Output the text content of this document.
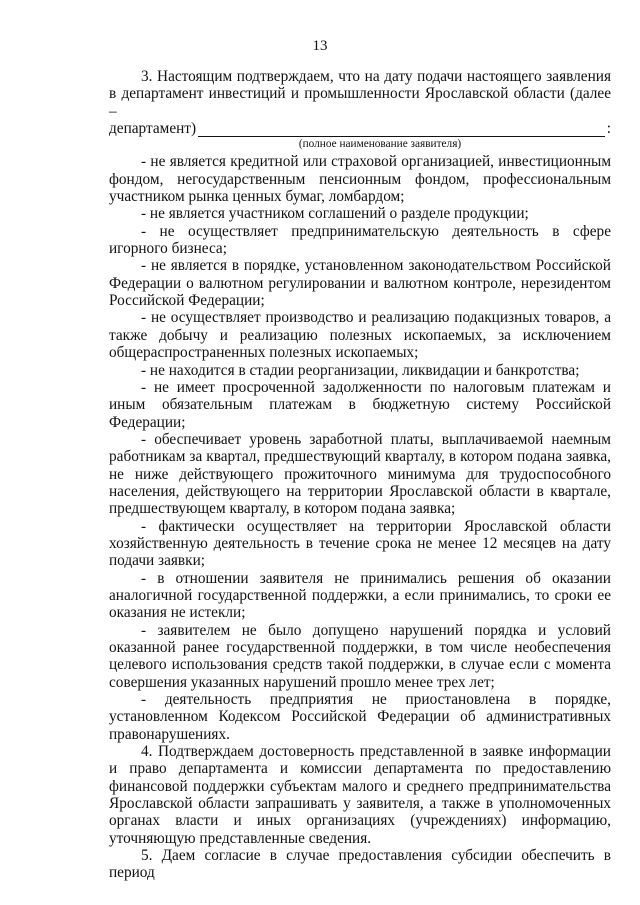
13

3. Настоящим подтверждаем, что на дату подачи настоящего заявления в департамент инвестиций и промышленности Ярославской области (далее –

департамент)	:
(полное наименование заявителя)

- не является кредитной или страховой организацией, инвестиционным фондом, негосударственным пенсионным фондом, профессиональным участником рынка ценных бумаг, ломбардом;

- не является участником соглашений о разделе продукции;

- не осуществляет предпринимательскую деятельность в сфере игорного бизнеса;

- не является в порядке, установленном законодательством Российской Федерации о валютном регулировании и валютном контроле, нерезидентом Российской Федерации;

- не осуществляет производство и реализацию подакцизных товаров, а также добычу и реализацию полезных ископаемых, за исключением общераспространенных полезных ископаемых;

- не находится в стадии реорганизации, ликвидации и банкротства;

- не имеет просроченной задолженности по налоговым платежам и иным обязательным платежам в бюджетную систему Российской Федерации;

- обеспечивает уровень заработной платы, выплачиваемой наемным работникам за квартал, предшествующий кварталу, в котором подана заявка, не ниже действующего прожиточного минимума для трудоспособного населения, действующего на территории Ярославской области в квартале, предшествующем кварталу, в котором подана заявка;

- фактически осуществляет на территории Ярославской области хозяйственную деятельность в течение срока не менее 12 месяцев на дату подачи заявки;

- в отношении заявителя не принимались решения об оказании аналогичной государственной поддержки, а если принимались, то сроки ее оказания не истекли;

- заявителем не было допущено нарушений порядка и условий оказанной ранее государственной поддержки, в том числе необеспечения целевого использования средств такой поддержки, в случае если с момента совершения указанных нарушений прошло менее трех лет;

- деятельность предприятия не приостановлена в порядке, установленном Кодексом Российской Федерации об административных правонарушениях.

4. Подтверждаем достоверность представленной в заявке информации и право департамента и комиссии департамента по предоставлению финансовой поддержки субъектам малого и среднего предпринимательства Ярославской области запрашивать у заявителя, а также в уполномоченных органах власти и иных организациях (учреждениях) информацию, уточняющую представленные сведения.

5. Даем согласие в случае предоставления субсидии обеспечить в период
